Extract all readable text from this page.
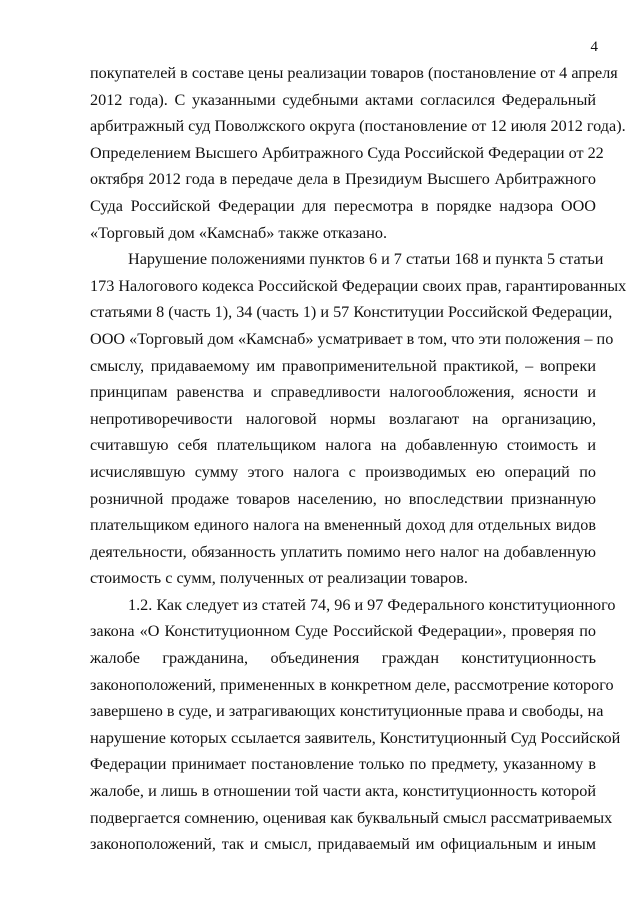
4
покупателей в составе цены реализации товаров (постановление от 4 апреля
2012 года). С указанными судебными актами согласился Федеральный
арбитражный суд Поволжского округа (постановление от 12 июля 2012 года).
Определением Высшего Арбитражного Суда Российской Федерации от 22
октября 2012 года в передаче дела в Президиум Высшего Арбитражного
Суда Российской Федерации для пересмотра в порядке надзора ООО
«Торговый дом «Камснаб» также отказано.
Нарушение положениями пунктов 6 и 7 статьи 168 и пункта 5 статьи
173 Налогового кодекса Российской Федерации своих прав, гарантированных
статьями 8 (часть 1), 34 (часть 1) и 57 Конституции Российской Федерации,
ООО «Торговый дом «Камснаб» усматривает в том, что эти положения – по
смыслу, придаваемому им правоприменительной практикой, – вопреки
принципам равенства и справедливости налогообложения, ясности и
непротиворечивости налоговой нормы возлагают на организацию,
считавшую себя плательщиком налога на добавленную стоимость и
исчислявшую сумму этого налога с производимых ею операций по
розничной продаже товаров населению, но впоследствии признанную
плательщиком единого налога на вмененный доход для отдельных видов
деятельности, обязанность уплатить помимо него налог на добавленную
стоимость с сумм, полученных от реализации товаров.
1.2. Как следует из статей 74, 96 и 97 Федерального конституционного
закона «О Конституционном Суде Российской Федерации», проверяя по
жалобе гражданина, объединения граждан конституционность
законоположений, примененных в конкретном деле, рассмотрение которого
завершено в суде, и затрагивающих конституционные права и свободы, на
нарушение которых ссылается заявитель, Конституционный Суд Российской
Федерации принимает постановление только по предмету, указанному в
жалобе, и лишь в отношении той части акта, конституционность которой
подвергается сомнению, оценивая как буквальный смысл рассматриваемых
законоположений, так и смысл, придаваемый им официальным и иным
